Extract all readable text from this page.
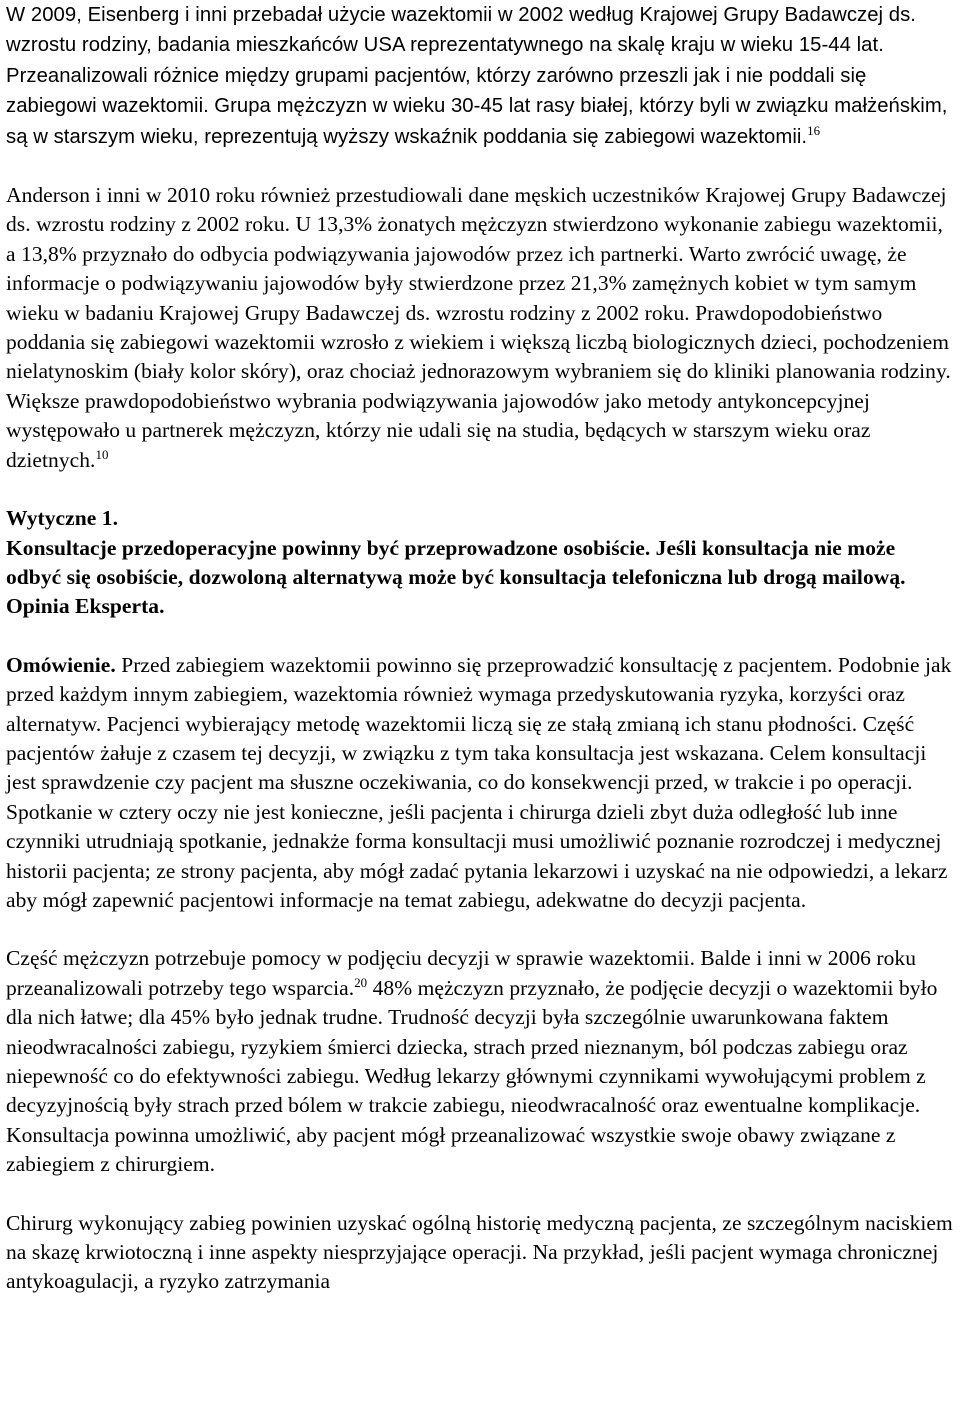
W 2009, Eisenberg i inni przebadał użycie wazektomii w 2002 według Krajowej Grupy Badawczej ds. wzrostu rodziny, badania mieszkańców USA reprezentatywnego na skalę kraju w wieku 15-44 lat. Przeanalizowali różnice między grupami pacjentów, którzy zarówno przeszli jak i nie poddali się zabiegowi wazektomii. Grupa mężczyzn w wieku 30-45 lat rasy białej, którzy byli w związku małżeńskim, są w starszym wieku, reprezentują wyższy wskaźnik poddania się zabiegowi wazektomii.$^{16}$

Anderson i inni w 2010 roku również przestudiowali dane męskich uczestników Krajowej Grupy Badawczej ds. wzrostu rodziny z 2002 roku. U 13,3% żonatych mężczyzn stwierdzono wykonanie zabiegu wazektomii, a 13,8% przyznało do odbycia podwiązywania jajowodów przez ich partnerki. Warto zwrócić uwagę, że informacje o podwiązywaniu jajowodów były stwierdzone przez 21,3% zamężnych kobiet w tym samym wieku w badaniu Krajowej Grupy Badawczej ds. wzrostu rodziny z 2002 roku. Prawdopodobieństwo poddania się zabiegowi wazektomii wzrosło z wiekiem i większą liczbą biologicznych dzieci, pochodzeniem nielatynoskim (biały kolor skóry), oraz chociaż jednorazowym wybraniem się do kliniki planowania rodziny. Większe prawdopodobieństwo wybrania podwiązywania jajowodów jako metody antykoncepcyjnej występowało u partnerek mężczyzn, którzy nie udali się na studia, będących w starszym wieku oraz dzietnych.$^{10}$

Wytyczne 1.

Konsultacje przedoperacyjne powinny być przeprowadzone osobiście. Jeśli konsultacja nie może odbyć się osobiście, dozwoloną alternatywą może być konsultacja telefoniczna lub drogą mailową. Opinia Eksperta.

Omówienie. Przed zabiegiem wazektomii powinno się przeprowadzić konsultację z pacjentem. Podobnie jak przed każdym innym zabiegiem, wazektomia również wymaga przedyskutowania ryzyka, korzyści oraz alternatyw. Pacjenci wybierający metodę wazektomii liczą się ze stałą zmianą ich stanu płodności. Część pacjentów żałuje z czasem tej decyzji, w związku z tym taka konsultacja jest wskazana. Celem konsultacji jest sprawdzenie czy pacjent ma słuszne oczekiwania, co do konsekwencji przed, w trakcie i po operacji. Spotkanie w cztery oczy nie jest konieczne, jeśli pacjenta i chirurga dzieli zbyt duża odległość lub inne czynniki utrudniają spotkanie, jednakże forma konsultacji musi umożliwić poznanie rozrodczej i medycznej historii pacjenta; ze strony pacjenta, aby mógł zadać pytania lekarzowi i uzyskać na nie odpowiedzi, a lekarz aby mógł zapewnić pacjentowi informacje na temat zabiegu, adekwatne do decyzji pacjenta.

Część mężczyzn potrzebuje pomocy w podjęciu decyzji w sprawie wazektomii. Balde i inni w 2006 roku przeanalizowali potrzeby tego wsparcia.$^{20}$ 48% mężczyzn przyznało, że podjęcie decyzji o wazektomii było dla nich łatwe; dla 45% było jednak trudne. Trudność decyzji była szczególnie uwarunkowana faktem nieodwracalności zabiegu, ryzykiem śmierci dziecka, strach przed nieznanym, ból podczas zabiegu oraz niepewność co do efektywności zabiegu. Według lekarzy głównymi czynnikami wywołującymi problem z decyzyjnością były strach przed bólem w trakcie zabiegu, nieodwracalność oraz ewentualne komplikacje. Konsultacja powinna umożliwić, aby pacjent mógł przeanalizować wszystkie swoje obawy związane z zabiegiem z chirurgiem.

Chirurg wykonujący zabieg powinien uzyskać ogólną historię medyczną pacjenta, ze szczególnym naciskiem na skazę krwiotoczną i inne aspekty niesprzyjające operacji. Na przykład, jeśli pacjent wymaga chronicznej antykoagulacji, a ryzyko zatrzymania
